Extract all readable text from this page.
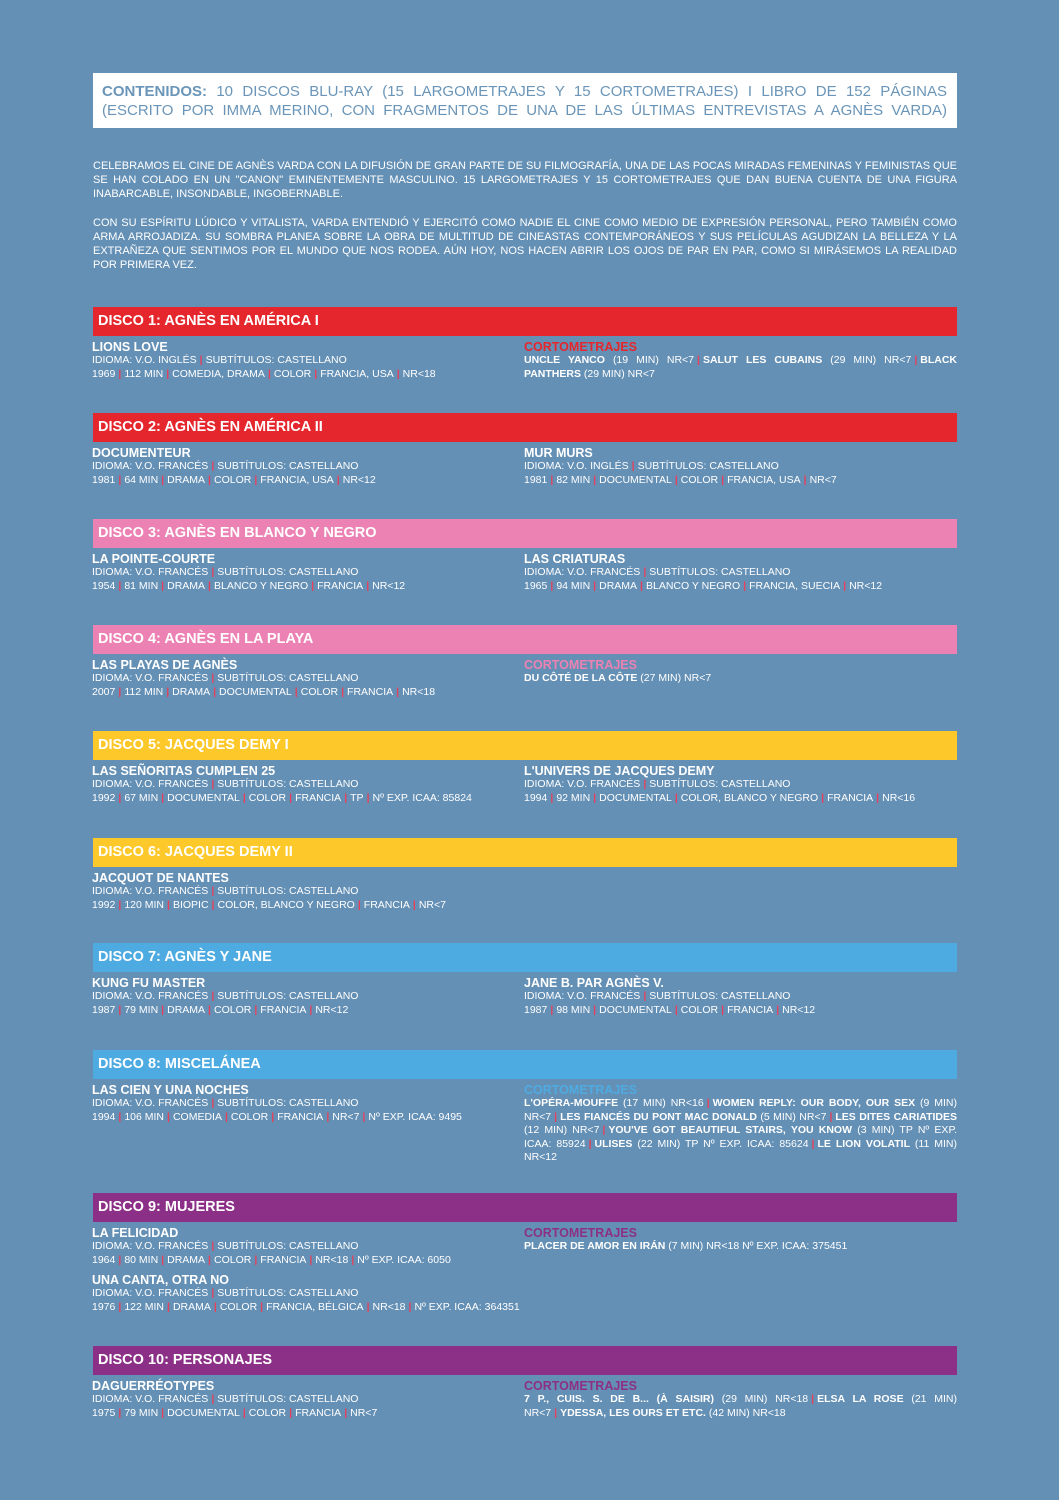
CONTENIDOS: 10 DISCOS BLU-RAY (15 LARGOMETRAJES Y 15 CORTOMETRAJES) I LIBRO DE 152 PÁGINAS
(ESCRITO POR IMMA MERINO, CON FRAGMENTOS DE UNA DE LAS ÚLTIMAS ENTREVISTAS A AGNÈS VARDA)
CELEBRAMOS EL CINE DE AGNÈS VARDA CON LA DIFUSIÓN DE GRAN PARTE DE SU FILMOGRAFÍA, UNA DE LAS POCAS MIRADAS FEMENINAS Y FEMINISTAS QUE SE HAN COLADO EN UN "CANON" EMINENTEMENTE MASCULINO. 15 LARGOMETRAJES Y 15 CORTOMETRAJES QUE DAN BUENA CUENTA DE UNA FIGURA INABARCABLE, INSONDABLE, INGOBERNABLE.
CON SU ESPÍRITU LÚDICO Y VITALISTA, VARDA ENTENDIÓ Y EJERCITÓ COMO NADIE EL CINE COMO MEDIO DE EXPRESIÓN PERSONAL, PERO TAMBIÉN COMO ARMA ARROJADIZA. SU SOMBRA PLANEA SOBRE LA OBRA DE MULTITUD DE CINEASTAS CONTEMPORÁNEOS Y SUS PELÍCULAS AGUDIZAN LA BELLEZA Y LA EXTRAÑEZA QUE SENTIMOS POR EL MUNDO QUE NOS RODEA. AÚN HOY, NOS HACEN ABRIR LOS OJOS DE PAR EN PAR, COMO SI MIRÁSEMOS LA REALIDAD POR PRIMERA VEZ.
DISCO 1: AGNÈS EN AMÉRICA I
LIONS LOVE
IDIOMA: V.O. INGLÉS | SUBTÍTULOS: CASTELLANO
1969 | 112 MIN | COMEDIA, DRAMA | COLOR | FRANCIA, USA | NR<18
CORTOMETRAJES
UNCLE YANCO (19 MIN) NR<7 | SALUT LES CUBAINS (29 MIN) NR<7 | BLACK PANTHERS (29 MIN) NR<7
DISCO 2: AGNÈS EN AMÉRICA II
DOCUMENTEUR
IDIOMA: V.O. FRANCÉS | SUBTÍTULOS: CASTELLANO
1981 | 64 MIN | DRAMA | COLOR | FRANCIA, USA | NR<12
MUR MURS
IDIOMA: V.O. INGLÉS | SUBTÍTULOS: CASTELLANO
1981 | 82 MIN | DOCUMENTAL | COLOR | FRANCIA, USA | NR<7
DISCO 3: AGNÈS EN BLANCO Y NEGRO
LA POINTE-COURTE
IDIOMA: V.O. FRANCÉS | SUBTÍTULOS: CASTELLANO
1954 | 81 MIN | DRAMA | BLANCO Y NEGRO | FRANCIA | NR<12
LAS CRIATURAS
IDIOMA: V.O. FRANCÉS | SUBTÍTULOS: CASTELLANO
1965 | 94 MIN | DRAMA | BLANCO Y NEGRO | FRANCIA, SUECIA | NR<12
DISCO 4: AGNÈS EN LA PLAYA
LAS PLAYAS DE AGNÈS
IDIOMA: V.O. FRANCÉS | SUBTÍTULOS: CASTELLANO
2007 | 112 MIN | DRAMA | DOCUMENTAL | COLOR | FRANCIA | NR<18
CORTOMETRAJES
DU CÔTÉ DE LA CÔTE (27 MIN) NR<7
DISCO 5: JACQUES DEMY I
LAS SEÑORITAS CUMPLEN 25
IDIOMA: V.O. FRANCÉS | SUBTÍTULOS: CASTELLANO
1992 | 67 MIN | DOCUMENTAL | COLOR | FRANCIA | TP | Nº EXP. ICAA: 85824
L'UNIVERS DE JACQUES DEMY
IDIOMA: V.O. FRANCÉS | SUBTÍTULOS: CASTELLANO
1994 | 92 MIN | DOCUMENTAL | COLOR, BLANCO Y NEGRO | FRANCIA | NR<16
DISCO 6: JACQUES DEMY II
JACQUOT DE NANTES
IDIOMA: V.O. FRANCÉS | SUBTÍTULOS: CASTELLANO
1992 | 120 MIN | BIOPIC | COLOR, BLANCO Y NEGRO | FRANCIA | NR<7
DISCO 7: AGNÈS Y JANE
KUNG FU MASTER
IDIOMA: V.O. FRANCÉS | SUBTÍTULOS: CASTELLANO
1987 | 79 MIN | DRAMA | COLOR | FRANCIA | NR<12
JANE B. PAR AGNÈS V.
IDIOMA: V.O. FRANCÉS | SUBTÍTULOS: CASTELLANO
1987 | 98 MIN | DOCUMENTAL | COLOR | FRANCIA | NR<12
DISCO 8: MISCELÁNEA
LAS CIEN Y UNA NOCHES
IDIOMA: V.O. FRANCÉS | SUBTÍTULOS: CASTELLANO
1994 | 106 MIN | COMEDIA | COLOR | FRANCIA | NR<7 | Nº EXP. ICAA: 9495
CORTOMETRAJES
L'OPÉRA-MOUFFE (17 MIN) NR<16 | WOMEN REPLY: OUR BODY, OUR SEX (9 MIN) NR<7 | LES FIANCÉS DU PONT MAC DONALD (5 MIN) NR<7 | LES DITES CARIATIDES (12 MIN) NR<7 | YOU'VE GOT BEAUTIFUL STAIRS, YOU KNOW (3 MIN) TP Nº EXP. ICAA: 85924 | ULISES (22 MIN) TP Nº EXP. ICAA: 85624 | LE LION VOLATIL (11 MIN) NR<12
DISCO 9: MUJERES
LA FELICIDAD
IDIOMA: V.O. FRANCÉS | SUBTÍTULOS: CASTELLANO
1964 | 80 MIN | DRAMA | COLOR | FRANCIA | NR<18 | Nº EXP. ICAA: 6050
UNA CANTA, OTRA NO
IDIOMA: V.O. FRANCÉS | SUBTÍTULOS: CASTELLANO
1976 | 122 MIN | DRAMA | COLOR | FRANCIA, BÉLGICA | NR<18 | Nº EXP. ICAA: 364351
CORTOMETRAJES
PLACER DE AMOR EN IRÁN (7 MIN) NR<18 Nº EXP. ICAA: 375451
DISCO 10: PERSONAJES
DAGUERRÉOTYPES
IDIOMA: V.O. FRANCÉS | SUBTÍTULOS: CASTELLANO
1975 | 79 MIN | DOCUMENTAL | COLOR | FRANCIA | NR<7
CORTOMETRAJES
7 P., CUIS. S. DE B... (À SAISIR) (29 MIN) NR<18 | ELSA LA ROSE (21 MIN) NR<7 | YDESSA, LES OURS ET ETC. (42 MIN) NR<18
